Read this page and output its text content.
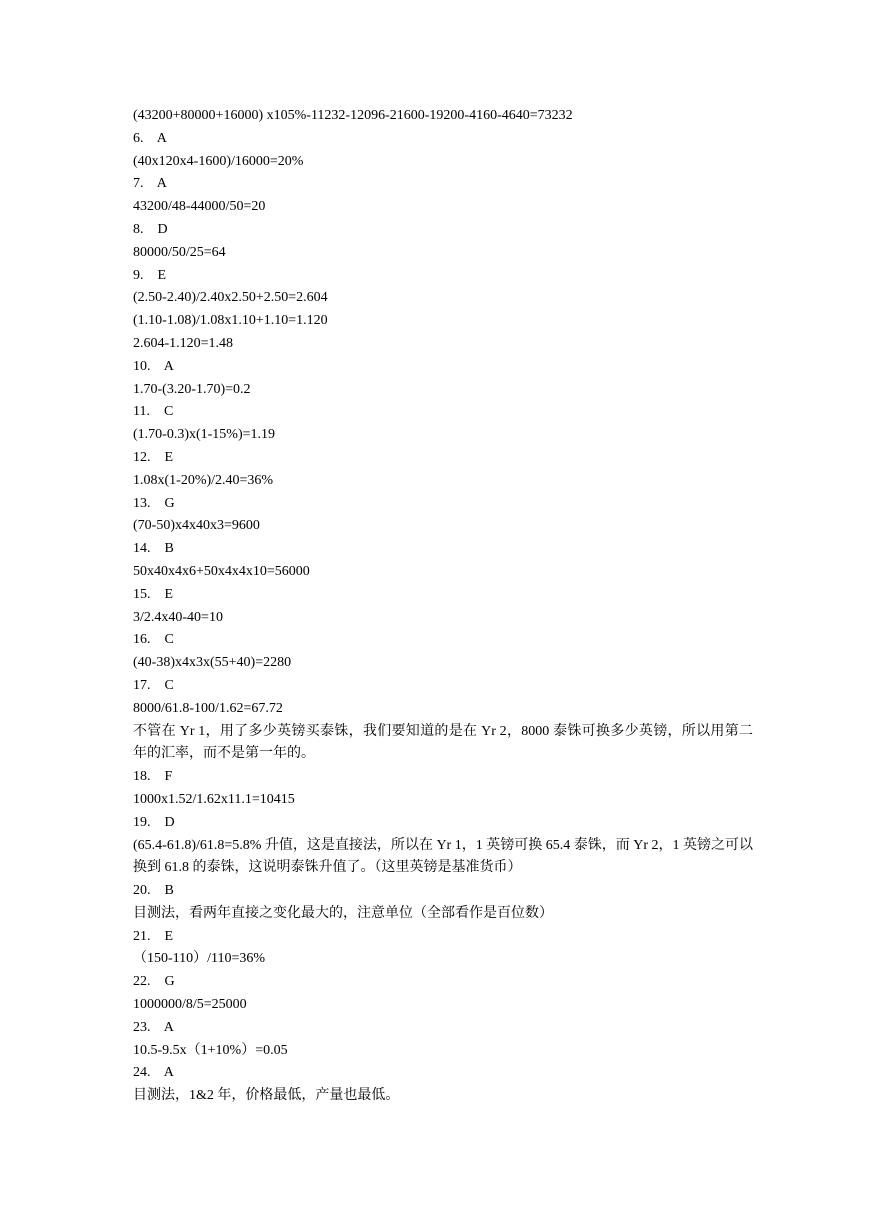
(43200+80000+16000) x105%-11232-12096-21600-19200-4160-4640=73232
6.    A
(40x120x4-1600)/16000=20%
7.    A
43200/48-44000/50=20
8.    D
80000/50/25=64
9.    E
(2.50-2.40)/2.40x2.50+2.50=2.604
(1.10-1.08)/1.08x1.10+1.10=1.120
2.604-1.120=1.48
10.    A
1.70-(3.20-1.70)=0.2
11.    C
(1.70-0.3)x(1-15%)=1.19
12.    E
1.08x(1-20%)/2.40=36%
13.    G
(70-50)x4x40x3=9600
14.    B
50x40x4x6+50x4x4x10=56000
15.    E
3/2.4x40-40=10
16.    C
(40-38)x4x3x(55+40)=2280
17.    C
8000/61.8-100/1.62=67.72
不管在 Yr 1，用了多少英镑买泰铢，我们要知道的是在 Yr 2，8000 泰铢可换多少英镑，所以用第二年的汇率，而不是第一年的。
18.    F
1000x1.52/1.62x11.1=10415
19.    D
(65.4-61.8)/61.8=5.8% 升值，这是直接法，所以在 Yr 1，1 英镑可换 65.4 泰铢，而 Yr 2，1 英镑之可以换到 61.8 的泰铢，这说明泰铢升值了。（这里英镑是基准货币）
20.    B
目测法，看两年直接之变化最大的，注意单位（全部看作是百位数）
21.    E
（150-110）/110=36%
22.    G
1000000/8/5=25000
23.    A
10.5-9.5x（1+10%）=0.05
24.    A
目测法，1&2 年，价格最低，产量也最低。
